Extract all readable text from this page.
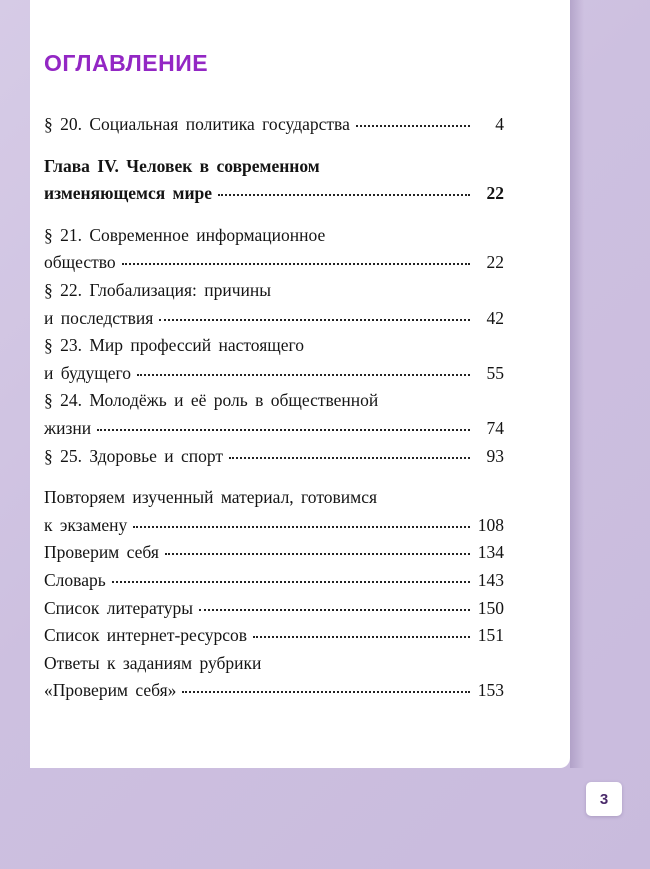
ОГЛАВЛЕНИЕ
§ 20. Социальная политика государства	4
Глава IV. Человек в современном
изменяющемся мире	22
§ 21. Современное информационное
общество	22
§ 22. Глобализация: причины
и последствия	42
§ 23. Мир профессий настоящего
и будущего	55
§ 24. Молодёжь и её роль в общественной
жизни	74
§ 25. Здоровье и спорт	93
Повторяем изученный материал, готовимся
к экзамену	108
Проверим себя	134
Словарь	143
Список литературы	150
Список интернет-ресурсов	151
Ответы к заданиям рубрики
«Проверим себя»	153
3
